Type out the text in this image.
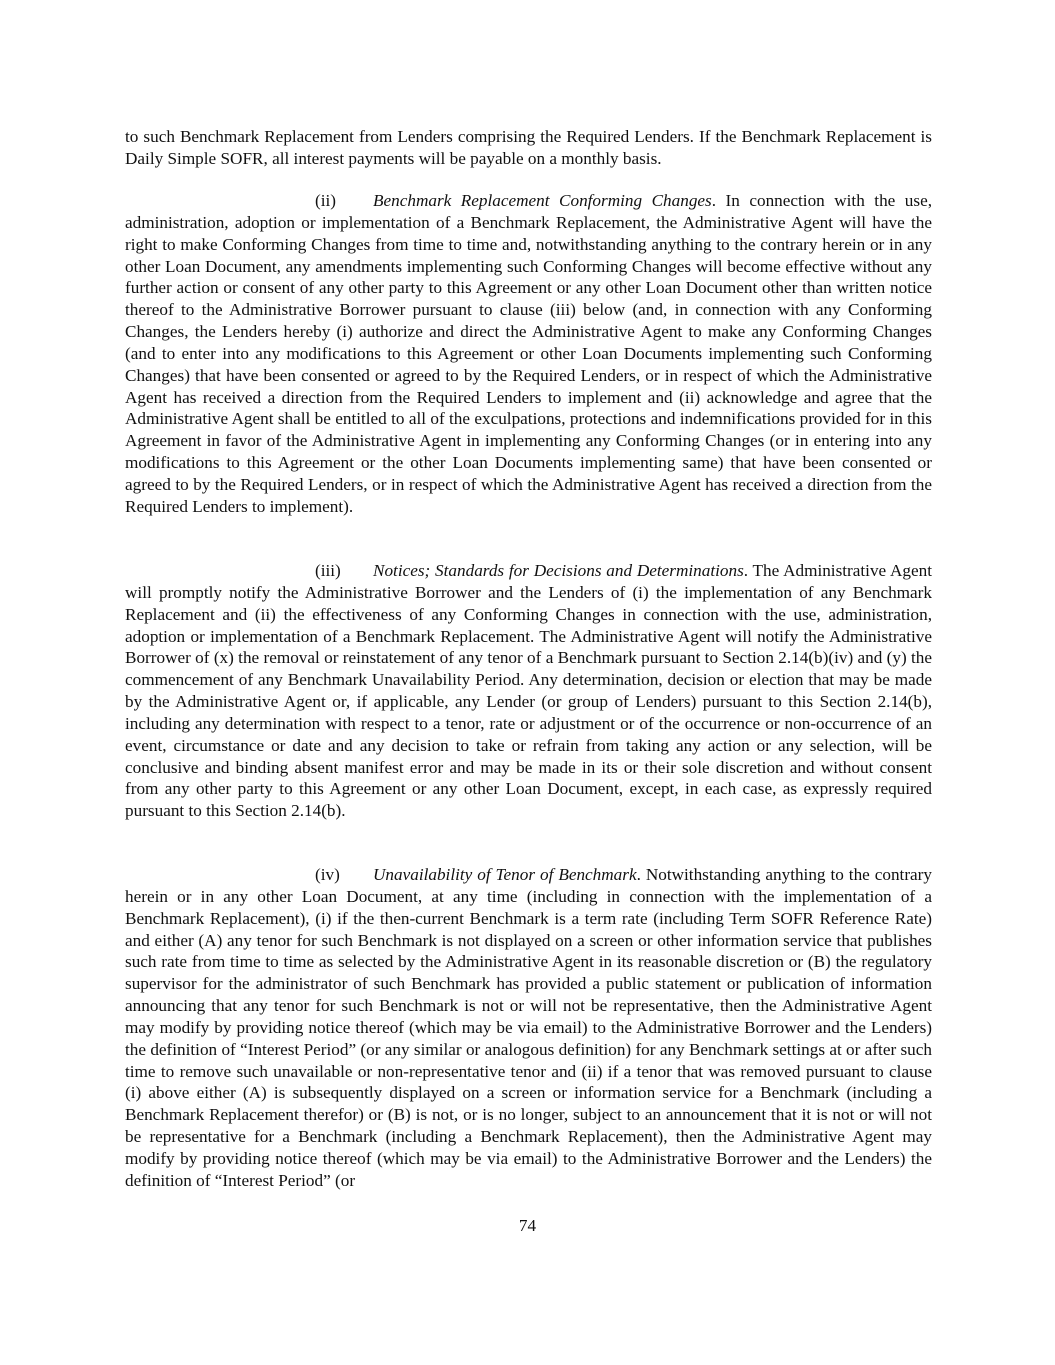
to such Benchmark Replacement from Lenders comprising the Required Lenders. If the Benchmark Replacement is Daily Simple SOFR, all interest payments will be payable on a monthly basis.

(ii) Benchmark Replacement Conforming Changes. In connection with the use, administration, adoption or implementation of a Benchmark Replacement, the Administrative Agent will have the right to make Conforming Changes from time to time and, notwithstanding anything to the contrary herein or in any other Loan Document, any amendments implementing such Conforming Changes will become effective without any further action or consent of any other party to this Agreement or any other Loan Document other than written notice thereof to the Administrative Borrower pursuant to clause (iii) below (and, in connection with any Conforming Changes, the Lenders hereby (i) authorize and direct the Administrative Agent to make any Conforming Changes (and to enter into any modifications to this Agreement or other Loan Documents implementing such Conforming Changes) that have been consented or agreed to by the Required Lenders, or in respect of which the Administrative Agent has received a direction from the Required Lenders to implement and (ii) acknowledge and agree that the Administrative Agent shall be entitled to all of the exculpations, protections and indemnifications provided for in this Agreement in favor of the Administrative Agent in implementing any Conforming Changes (or in entering into any modifications to this Agreement or the other Loan Documents implementing same) that have been consented or agreed to by the Required Lenders, or in respect of which the Administrative Agent has received a direction from the Required Lenders to implement).

(iii) Notices; Standards for Decisions and Determinations. The Administrative Agent will promptly notify the Administrative Borrower and the Lenders of (i) the implementation of any Benchmark Replacement and (ii) the effectiveness of any Conforming Changes in connection with the use, administration, adoption or implementation of a Benchmark Replacement. The Administrative Agent will notify the Administrative Borrower of (x) the removal or reinstatement of any tenor of a Benchmark pursuant to Section 2.14(b)(iv) and (y) the commencement of any Benchmark Unavailability Period. Any determination, decision or election that may be made by the Administrative Agent or, if applicable, any Lender (or group of Lenders) pursuant to this Section 2.14(b), including any determination with respect to a tenor, rate or adjustment or of the occurrence or non-occurrence of an event, circumstance or date and any decision to take or refrain from taking any action or any selection, will be conclusive and binding absent manifest error and may be made in its or their sole discretion and without consent from any other party to this Agreement or any other Loan Document, except, in each case, as expressly required pursuant to this Section 2.14(b).

(iv) Unavailability of Tenor of Benchmark. Notwithstanding anything to the contrary herein or in any other Loan Document, at any time (including in connection with the implementation of a Benchmark Replacement), (i) if the then-current Benchmark is a term rate (including Term SOFR Reference Rate) and either (A) any tenor for such Benchmark is not displayed on a screen or other information service that publishes such rate from time to time as selected by the Administrative Agent in its reasonable discretion or (B) the regulatory supervisor for the administrator of such Benchmark has provided a public statement or publication of information announcing that any tenor for such Benchmark is not or will not be representative, then the Administrative Agent may modify by providing notice thereof (which may be via email) to the Administrative Borrower and the Lenders) the definition of “Interest Period” (or any similar or analogous definition) for any Benchmark settings at or after such time to remove such unavailable or non-representative tenor and (ii) if a tenor that was removed pursuant to clause (i) above either (A) is subsequently displayed on a screen or information service for a Benchmark (including a Benchmark Replacement therefor) or (B) is not, or is no longer, subject to an announcement that it is not or will not be representative for a Benchmark (including a Benchmark Replacement), then the Administrative Agent may modify by providing notice thereof (which may be via email) to the Administrative Borrower and the Lenders) the definition of “Interest Period” (or

74
